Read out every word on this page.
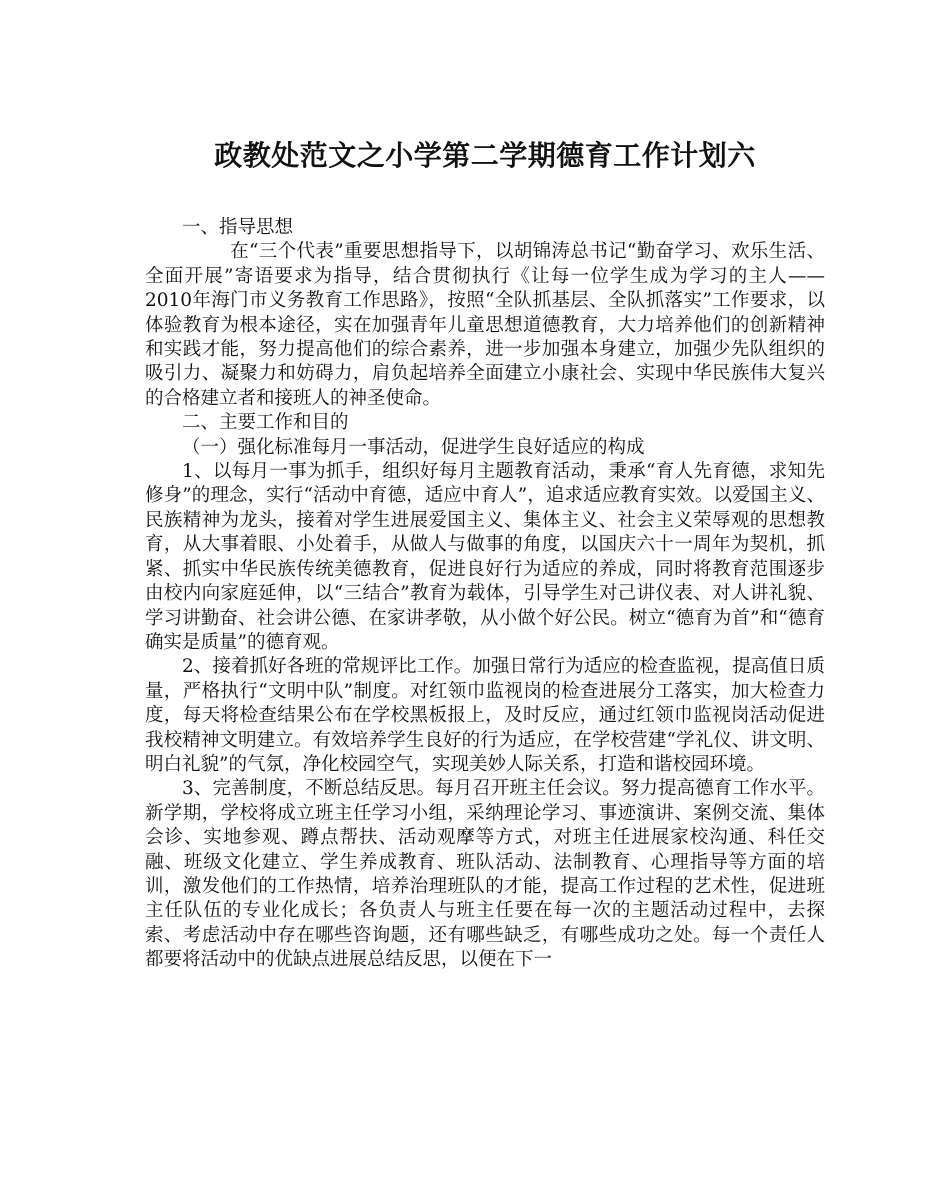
政教处范文之小学第二学期德育工作计划六

一、指导思想

在“三个代表”重要思想指导下，以胡锦涛总书记“勤奋学习、欢乐生活、全面开展”寄语要求为指导，结合贯彻执行《让每一位学生成为学习的主人——2010年海门市义务教育工作思路》，按照“全队抓基层、全队抓落实”工作要求，以体验教育为根本途径，实在加强青年儿童思想道德教育，大力培养他们的创新精神和实践才能，努力提高他们的综合素养，进一步加强本身建立，加强少先队组织的吸引力、凝聚力和妨碍力，肩负起培养全面建立小康社会、实现中华民族伟大复兴的合格建立者和接班人的神圣使命。

二、主要工作和目的

（一）强化标准每月一事活动，促进学生良好适应的构成

1、以每月一事为抓手，组织好每月主题教育活动，秉承“育人先育德，求知先修身”的理念，实行“活动中育德，适应中育人”，追求适应教育实效。以爱国主义、民族精神为龙头，接着对学生进展爱国主义、集体主义、社会主义荣辱观的思想教育，从大事着眼、小处着手，从做人与做事的角度，以国庆六十一周年为契机，抓紧、抓实中华民族传统美德教育，促进良好行为适应的养成，同时将教育范围逐步由校内向家庭延伸，以“三结合”教育为载体，引导学生对己讲仪表、对人讲礼貌、学习讲勤奋、社会讲公德、在家讲孝敬，从小做个好公民。树立“德育为首”和“德育确实是质量”的德育观。

2、接着抓好各班的常规评比工作。加强日常行为适应的检查监视，提高值日质量，严格执行“文明中队”制度。对红领巾监视岗的检查进展分工落实，加大检查力度，每天将检查结果公布在学校黑板报上，及时反应，通过红领巾监视岗活动促进我校精神文明建立。有效培养学生良好的行为适应，在学校营建“学礼仪、讲文明、明白礼貌”的气氛，净化校园空气，实现美妙人际关系，打造和谐校园环境。

3、完善制度，不断总结反思。每月召开班主任会议。努力提高德育工作水平。新学期，学校将成立班主任学习小组，采纳理论学习、事迹演讲、案例交流、集体会诊、实地参观、蹲点帮扶、活动观摩等方式，对班主任进展家校沟通、科任交融、班级文化建立、学生养成教育、班队活动、法制教育、心理指导等方面的培训，激发他们的工作热情，培养治理班队的才能，提高工作过程的艺术性，促进班主任队伍的专业化成长；各负责人与班主任要在每一次的主题活动过程中，去探索、考虑活动中存在哪些咨询题，还有哪些缺乏，有哪些成功之处。每一个责任人都要将活动中的优缺点进展总结反思，以便在下一
